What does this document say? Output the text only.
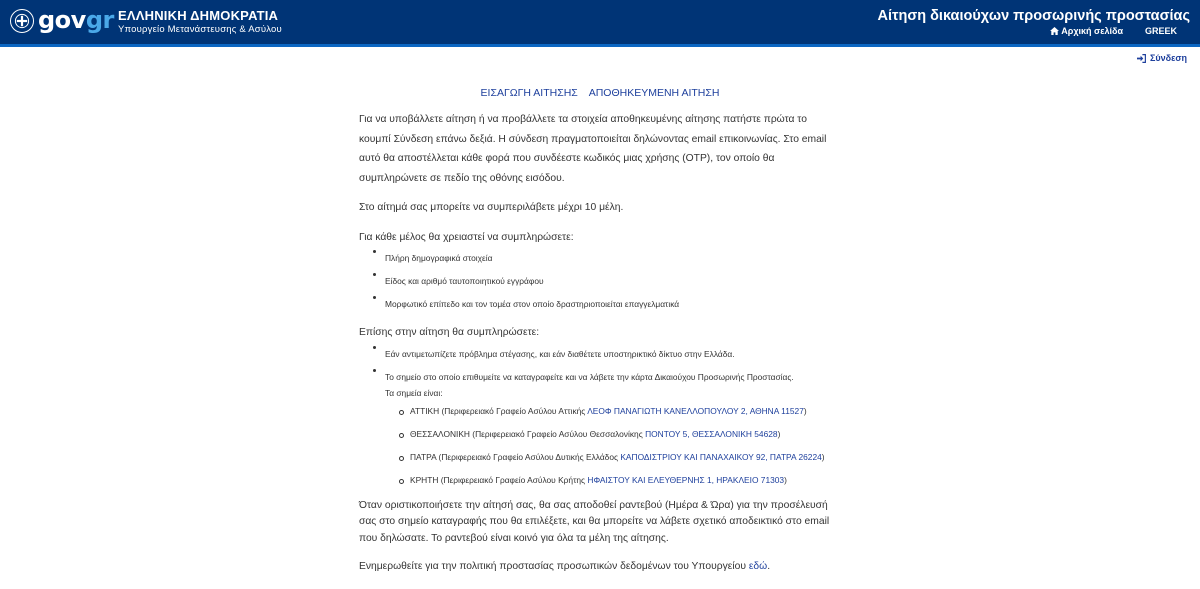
govgr ΕΛΛΗΝΙΚΗ ΔΗΜΟΚΡΑΤΙΑ
Υπουργείο Μετανάστευσης & Ασύλου
Αίτηση δικαιούχων προσωρινής προστασίας
Αρχική σελίδα GREEK
Σύνδεση
ΕΙΣΑΓΩΓΗ ΑΙΤΗΣΗΣ ΑΠΟΘΗΚΕΥΜΕΝΗ ΑΙΤΗΣΗ

Για να υποβάλλετε αίτηση ή να προβάλλετε τα στοιχεία αποθηκευμένης αίτησης πατήστε πρώτα το κουμπί Σύνδεση επάνω δεξιά. Η σύνδεση πραγματοποιείται δηλώνοντας email επικοινωνίας. Στο email αυτό θα αποστέλλεται κάθε φορά που συνδέεστε κωδικός μιας χρήσης (OTP), τον οποίο θα συμπληρώνετε σε πεδίο της οθόνης εισόδου.

Στο αίτημά σας μπορείτε να συμπεριλάβετε μέχρι 10 μέλη.

Για κάθε μέλος θα χρειαστεί να συμπληρώσετε:

Πλήρη δημογραφικά στοιχεία
Είδος και αριθμό ταυτοποιητικού εγγράφου
Μορφωτικό επίπεδο και τον τομέα στον οποίο δραστηριοποιείται επαγγελματικά

Επίσης στην αίτηση θα συμπληρώσετε:

Εάν αντιμετωπίζετε πρόβλημα στέγασης, και εάν διαθέτετε υποστηρικτικό δίκτυο στην Ελλάδα.
Το σημείο στο οποίο επιθυμείτε να καταγραφείτε και να λάβετε την κάρτα Δικαιούχου Προσωρινής Προστασίας.
Τα σημεία είναι:
ΑΤΤΙΚΗ (Περιφερειακό Γραφείο Ασύλου Αττικής ΛΕΟΦ ΠΑΝΑΓΙΩΤΗ ΚΑΝΕΛΛΟΠΟΥΛΟΥ 2, ΑΘΗΝΑ 11527)
ΘΕΣΣΑΛΟΝΙΚΗ (Περιφερειακό Γραφείο Ασύλου Θεσσαλονίκης ΠΟΝΤΟΥ 5, ΘΕΣΣΑΛΟΝΙΚΗ 54628)
ΠΑΤΡΑ (Περιφερειακό Γραφείο Ασύλου Δυτικής Ελλάδος ΚΑΠΟΔΙΣΤΡΙΟΥ ΚΑΙ ΠΑΝΑΧΑΙΚΟΥ 92, ΠΑΤΡΑ 26224)
ΚΡΗΤΗ (Περιφερειακό Γραφείο Ασύλου Κρήτης ΗΦΑΙΣΤΟΥ ΚΑΙ ΕΛΕΥΘΕΡΝΗΣ 1, ΗΡΑΚΛΕΙΟ 71303)

Όταν οριστικοποιήσετε την αίτησή σας, θα σας αποδοθεί ραντεβού (Ημέρα & Ώρα) για την προσέλευσή σας στο σημείο καταγραφής που θα επιλέξετε, και θα μπορείτε να λάβετε σχετικό αποδεικτικό στο email που δηλώσατε. Το ραντεβού είναι κοινό για όλα τα μέλη της αίτησης.

Ενημερωθείτε για την πολιτική προστασίας προσωπικών δεδομένων του Υπουργείου εδώ.
